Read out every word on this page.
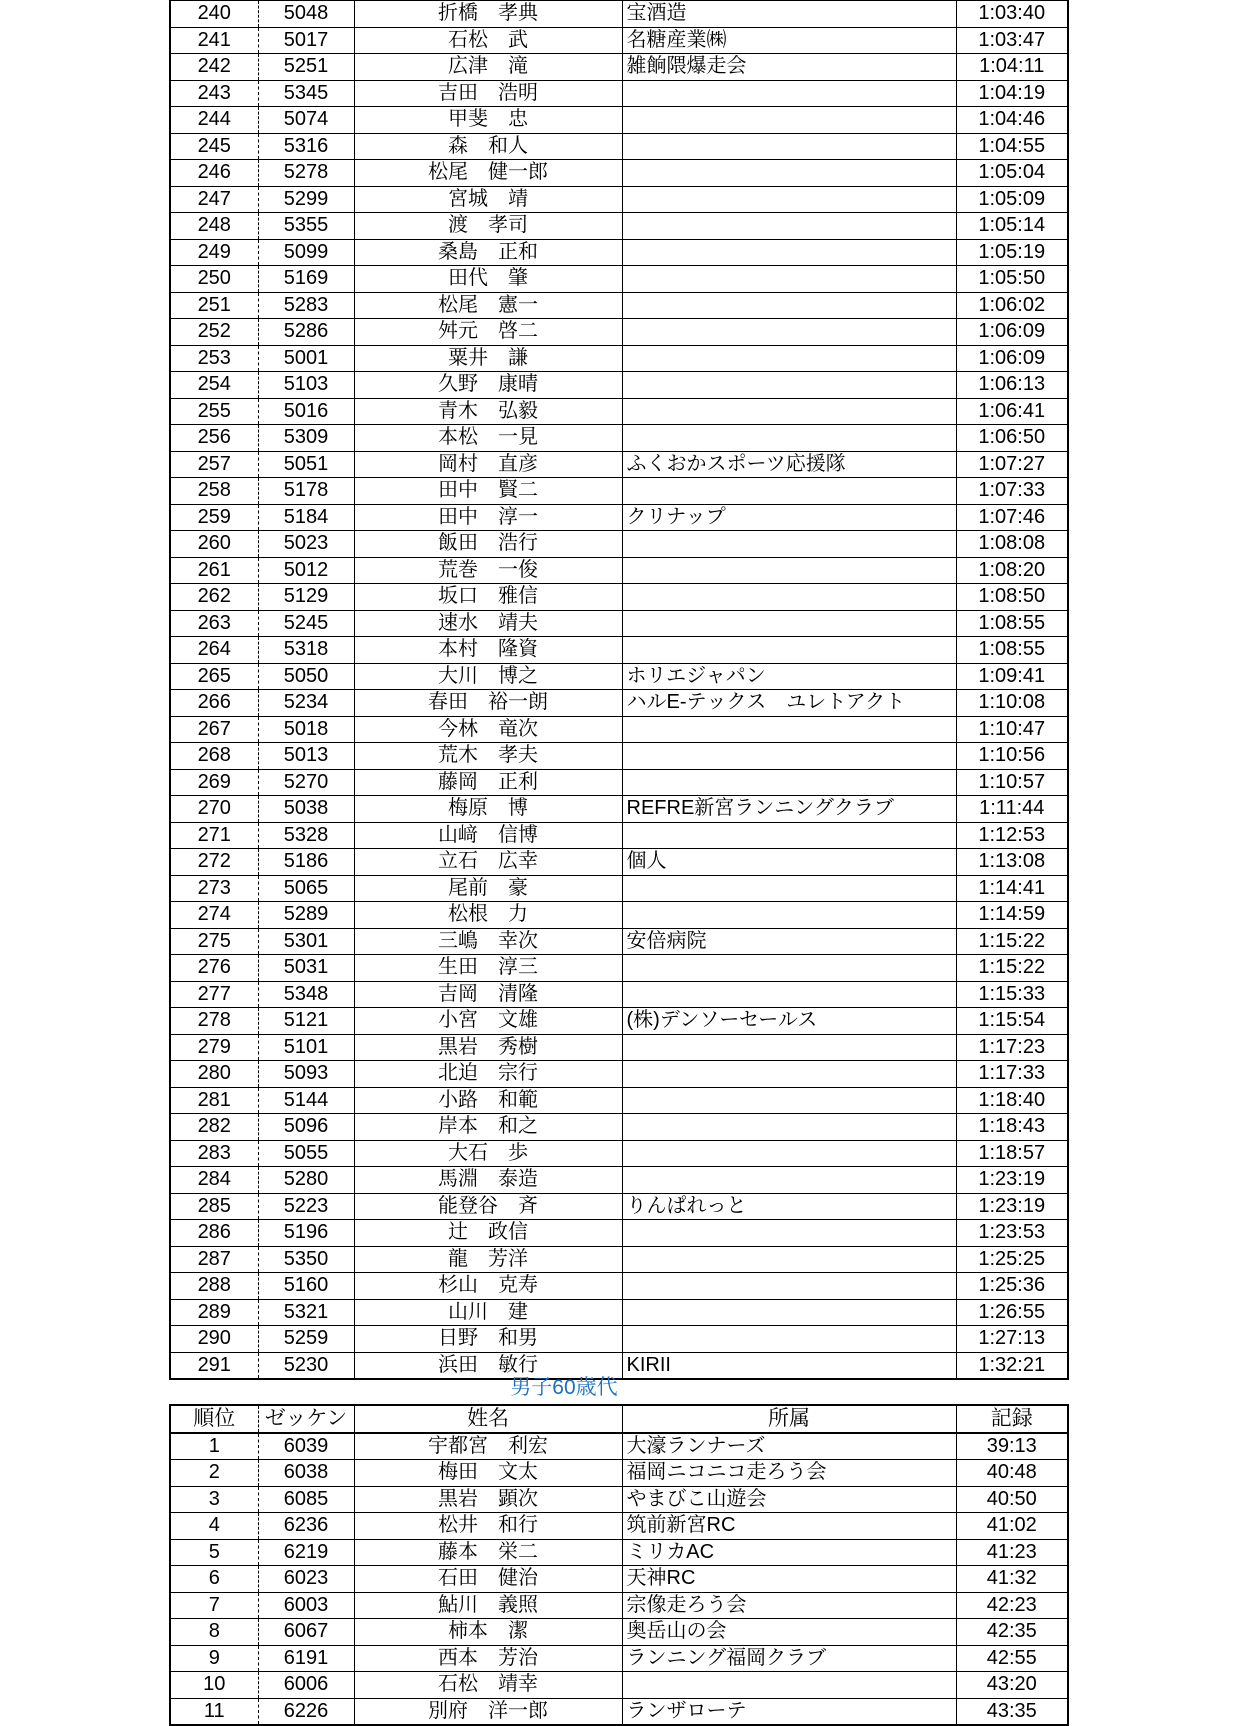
240	5048	折橋　孝典	宝酒造	1:03:40
241	5017	石松　武	名糖産業㈱	1:03:47
242	5251	広津　滝	雑餉隈爆走会	1:04:11
243	5345	吉田　浩明		1:04:19
244	5074	甲斐　忠		1:04:46
245	5316	森　和人		1:04:55
246	5278	松尾　健一郎		1:05:04
247	5299	宮城　靖		1:05:09
248	5355	渡　孝司		1:05:14
249	5099	桑島　正和		1:05:19
250	5169	田代　肇		1:05:50
251	5283	松尾　憲一		1:06:02
252	5286	舛元　啓二		1:06:09
253	5001	粟井　謙		1:06:09
254	5103	久野　康晴		1:06:13
255	5016	青木　弘毅		1:06:41
256	5309	本松　一見		1:06:50
257	5051	岡村　直彦	ふくおかスポーツ応援隊	1:07:27
258	5178	田中　賢二		1:07:33
259	5184	田中　淳一	クリナップ	1:07:46
260	5023	飯田　浩行		1:08:08
261	5012	荒巻　一俊		1:08:20
262	5129	坂口　雅信		1:08:50
263	5245	速水　靖夫		1:08:55
264	5318	本村　隆資		1:08:55
265	5050	大川　博之	ホリエジャパン	1:09:41
266	5234	春田　裕一朗	ハルE-テックス　ユレトアクト	1:10:08
267	5018	今林　竜次		1:10:47
268	5013	荒木　孝夫		1:10:56
269	5270	藤岡　正利		1:10:57
270	5038	梅原　博	REFRE新宮ランニングクラブ	1:11:44
271	5328	山﨑　信博		1:12:53
272	5186	立石　広幸	個人	1:13:08
273	5065	尾前　豪		1:14:41
274	5289	松根　力		1:14:59
275	5301	三嶋　幸次	安倍病院	1:15:22
276	5031	生田　淳三		1:15:22
277	5348	吉岡　清隆		1:15:33
278	5121	小宮　文雄	(株)デンソーセールス	1:15:54
279	5101	黒岩　秀樹		1:17:23
280	5093	北迫　宗行		1:17:33
281	5144	小路　和範		1:18:40
282	5096	岸本　和之		1:18:43
283	5055	大石　歩		1:18:57
284	5280	馬淵　泰造		1:23:19
285	5223	能登谷　斉	りんぱれっと	1:23:19
286	5196	辻　政信		1:23:53
287	5350	龍　芳洋		1:25:25
288	5160	杉山　克寿		1:25:36
289	5321	山川　建		1:26:55
290	5259	日野　和男		1:27:13
291	5230	浜田　敏行	KIRII	1:32:21
男子60歳代
順位	ゼッケン	姓名	所属	記録
1	6039	宇都宮　利宏	大濠ランナーズ	39:13
2	6038	梅田　文太	福岡ニコニコ走ろう会	40:48
3	6085	黒岩　顕次	やまびこ山遊会	40:50
4	6236	松井　和行	筑前新宮RC	41:02
5	6219	藤本　栄二	ミリカAC	41:23
6	6023	石田　健治	天神RC	41:32
7	6003	鮎川　義照	宗像走ろう会	42:23
8	6067	柿本　潔	奥岳山の会	42:35
9	6191	西本　芳治	ランニング福岡クラブ	42:55
10	6006	石松　靖幸		43:20
11	6226	別府　洋一郎	ランザローテ	43:35
